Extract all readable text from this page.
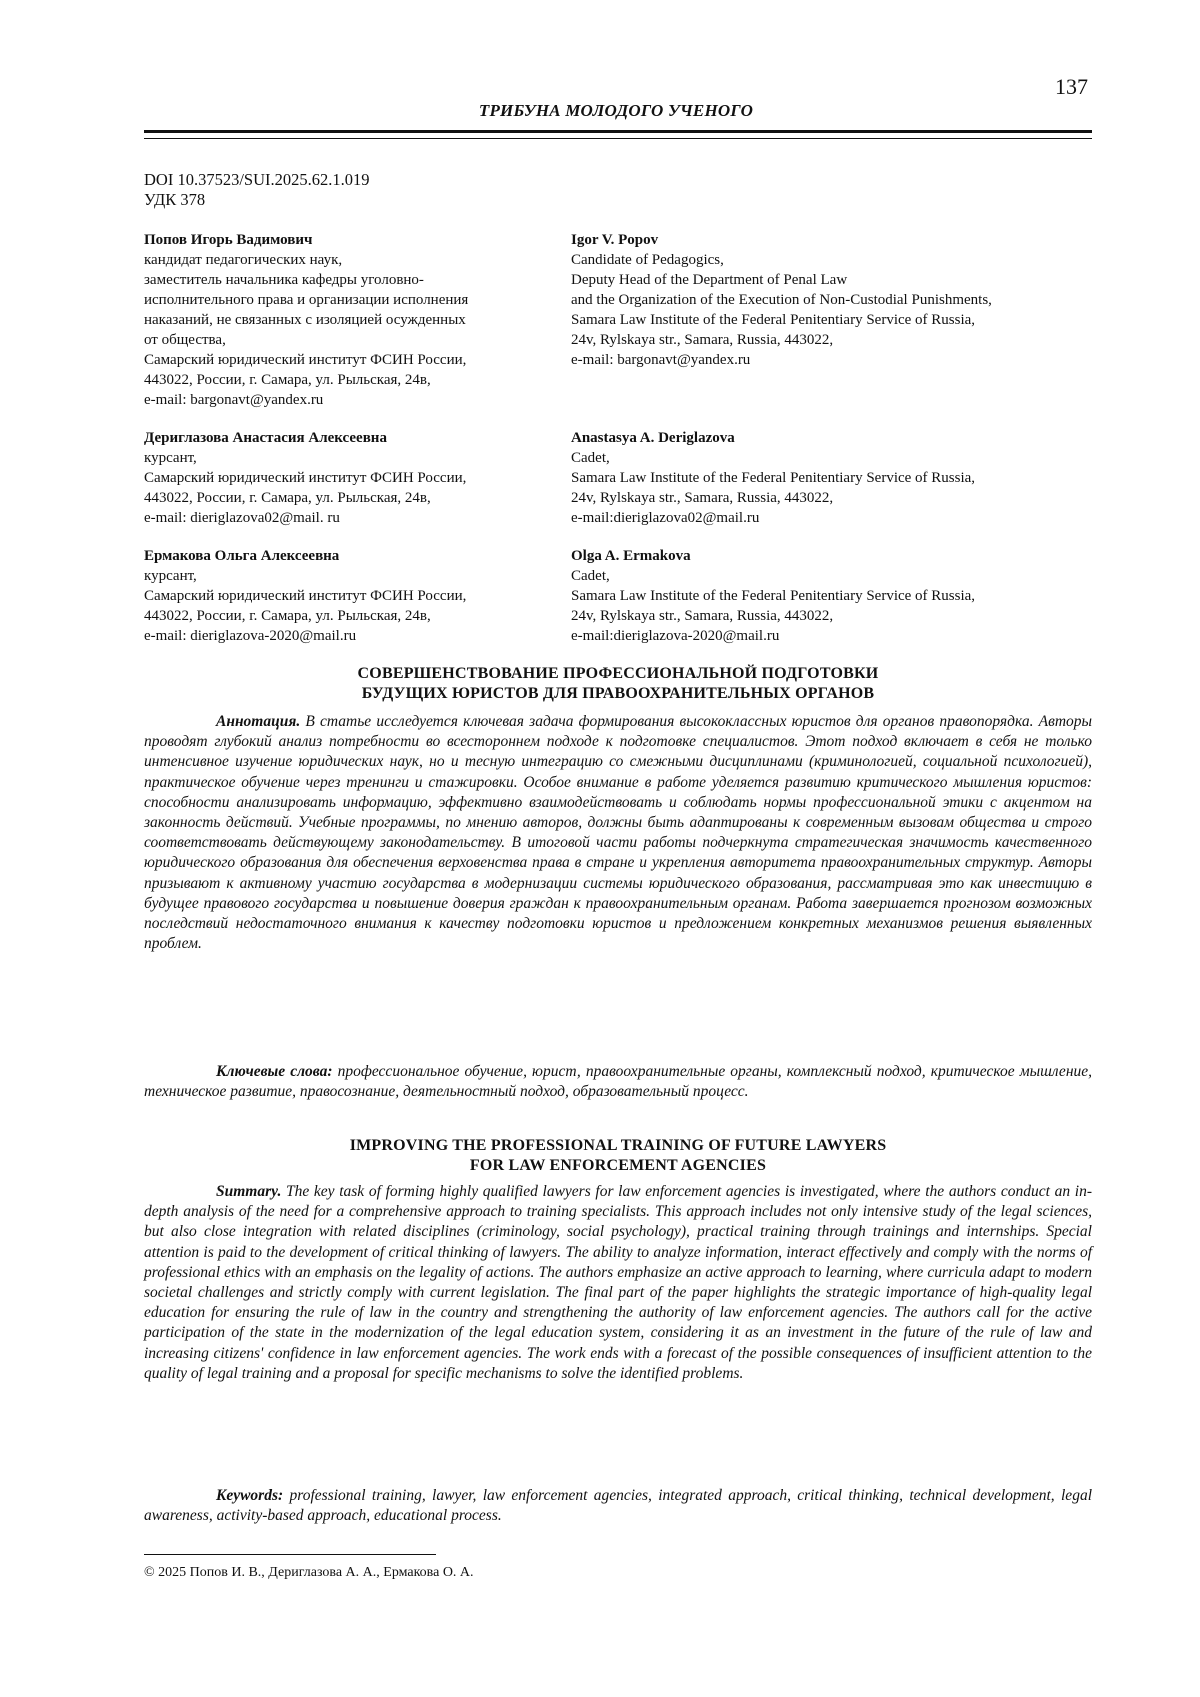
137
ТРИБУНА МОЛОДОГО УЧЕНОГО
DOI 10.37523/SUI.2025.62.1.019
УДК 378
Попов Игорь Вадимович
кандидат педагогических наук,
заместитель начальника кафедры уголовно-
исполнительного права и организации исполнения
наказаний, не связанных с изоляцией осужденных
от общества,
Самарский юридический институт ФСИН России,
443022, России, г. Самара, ул. Рыльская, 24в,
e-mail: bargonavt@yandex.ru
Igor V. Popov
Candidate of Pedagogics,
Deputy Head of the Department of Penal Law
and the Organization of the Execution of Non-Custodial Punishments,
Samara Law Institute of the Federal Penitentiary Service of Russia,
24v, Rylskaya str., Samara, Russia, 443022,
e-mail: bargonavt@yandex.ru
Дериглазова Анастасия Алексеевна
курсант,
Самарский юридический институт ФСИН России,
443022, России, г. Самара, ул. Рыльская, 24в,
e-mail: dieriglazova02@mail. ru
Anastasya A. Deriglazova
Cadet,
Samara Law Institute of the Federal Penitentiary Service of Russia,
24v, Rylskaya str., Samara, Russia, 443022,
e-mail:dieriglazova02@mail.ru
Ермакова Ольга Алексеевна
курсант,
Самарский юридический институт ФСИН России,
443022, России, г. Самара, ул. Рыльская, 24в,
e-mail: dieriglazova-2020@mail.ru
Olga A. Ermakova
Cadet,
Samara Law Institute of the Federal Penitentiary Service of Russia,
24v, Rylskaya str., Samara, Russia, 443022,
e-mail:dieriglazova-2020@mail.ru
СОВЕРШЕНСТВОВАНИЕ ПРОФЕССИОНАЛЬНОЙ ПОДГОТОВКИ
БУДУЩИХ ЮРИСТОВ ДЛЯ ПРАВООХРАНИТЕЛЬНЫХ ОРГАНОВ
Аннотация. В статье исследуется ключевая задача формирования высококлассных юристов для органов правопорядка. Авторы проводят глубокий анализ потребности во всестороннем подходе к подготовке специалистов. Этот подход включает в себя не только интенсивное изучение юридических наук, но и тесную интеграцию со смежными дисциплинами (криминологией, социальной психологией), практическое обучение через тренинги и стажировки. Особое внимание в работе уделяется развитию критического мышления юристов: способности анализировать информацию, эффективно взаимодействовать и соблюдать нормы профессиональной этики с акцентом на законность действий. Учебные программы, по мнению авторов, должны быть адаптированы к современным вызовам общества и строго соответствовать действующему законодательству. В итоговой части работы подчеркнута стратегическая значимость качественного юридического образования для обеспечения верховенства права в стране и укрепления авторитета правоохранительных структур. Авторы призывают к активному участию государства в модернизации системы юридического образования, рассматривая это как инвестицию в будущее правового государства и повышение доверия граждан к правоохранительным органам. Работа завершается прогнозом возможных последствий недостаточного внимания к качеству подготовки юристов и предложением конкретных механизмов решения выявленных проблем.
Ключевые слова: профессиональное обучение, юрист, правоохранительные органы, комплексный подход, критическое мышление, техническое развитие, правосознание, деятельностный подход, образовательный процесс.
IMPROVING THE PROFESSIONAL TRAINING OF FUTURE LAWYERS
FOR LAW ENFORCEMENT AGENCIES
Summary. The key task of forming highly qualified lawyers for law enforcement agencies is investigated, where the authors conduct an in-depth analysis of the need for a comprehensive approach to training specialists. This approach includes not only intensive study of the legal sciences, but also close integration with related disciplines (criminology, social psychology), practical training through trainings and internships. Special attention is paid to the development of critical thinking of lawyers. The ability to analyze information, interact effectively and comply with the norms of professional ethics with an emphasis on the legality of actions. The authors emphasize an active approach to learning, where curricula adapt to modern societal challenges and strictly comply with current legislation. The final part of the paper highlights the strategic importance of high-quality legal education for ensuring the rule of law in the country and strengthening the authority of law enforcement agencies. The authors call for the active participation of the state in the modernization of the legal education system, considering it as an investment in the future of the rule of law and increasing citizens' confidence in law enforcement agencies. The work ends with a forecast of the possible consequences of insufficient attention to the quality of legal training and a proposal for specific mechanisms to solve the identified problems.
Keywords: professional training, lawyer, law enforcement agencies, integrated approach, critical thinking, technical development, legal awareness, activity-based approach, educational process.
© 2025 Попов И. В., Дериглазова А. А., Ермакова О. А.
